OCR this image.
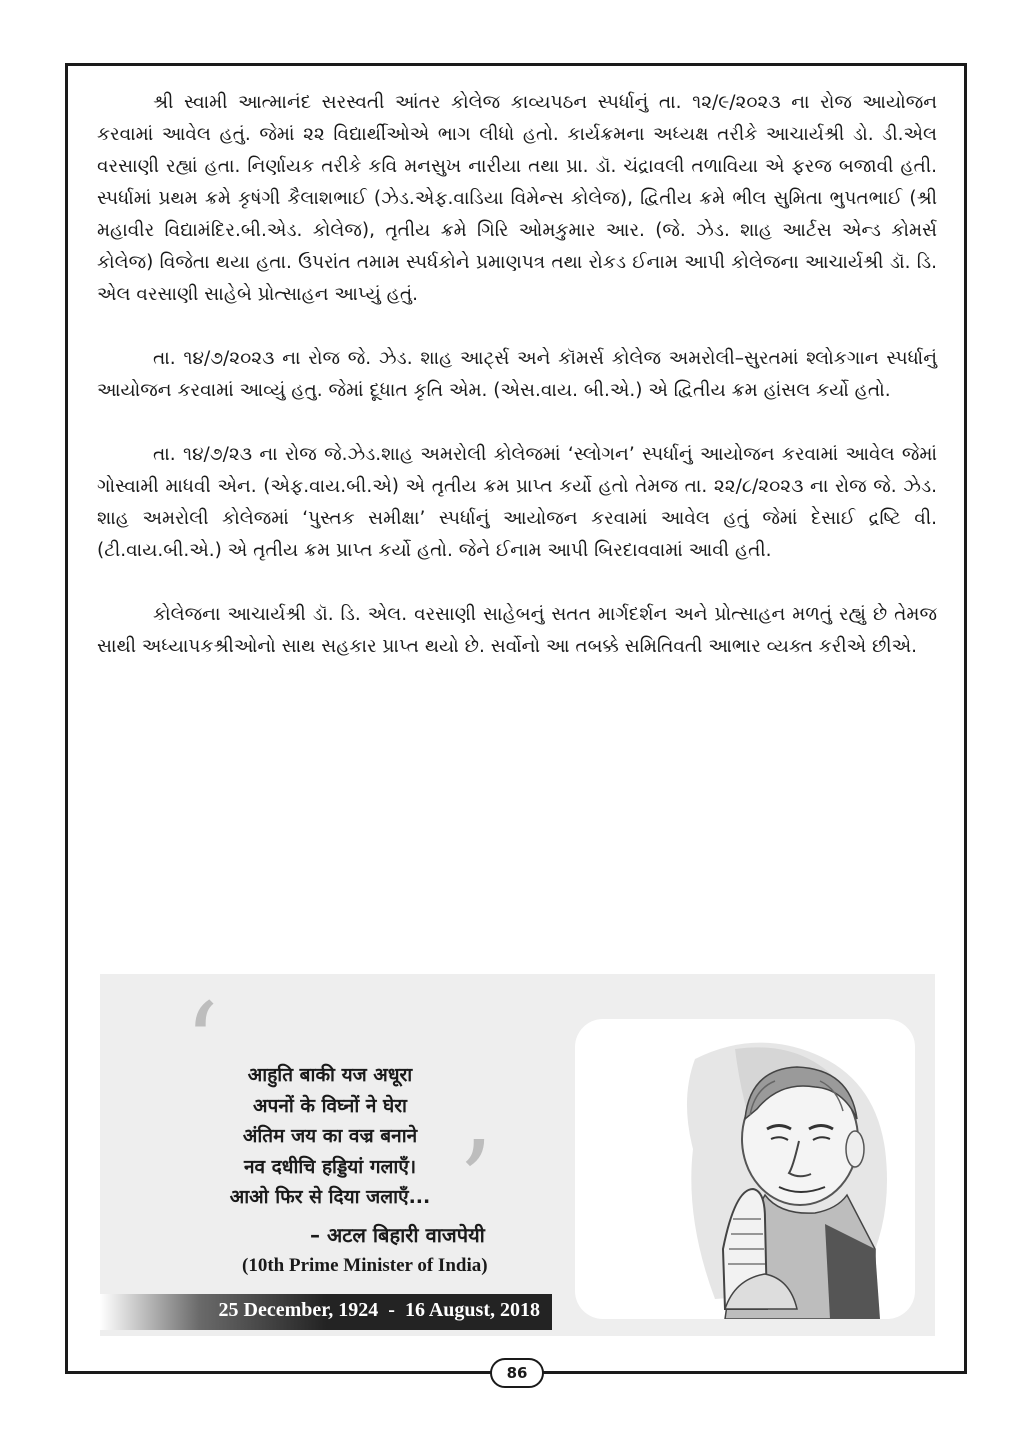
શ્રી સ્વામી આત્માનંદ સરસ્વતી આંતર કોલેજ કાવ્યપઠન સ્પર્ધાનું તા. ૧૨/૯/૨૦૨૩ ના રોજ આયોજન કરવામાં આવેલ હતું. જેમાં ૨૨ વિદ્યાર્થીઓએ ભાગ લીધો હતો. કાર્યક્રમના અધ્યક્ષ તરીકે આચાર્યશ્રી ડો. ડી.એલ વરસાણી રહ્યાં હતા. નિર્ણાયક તરીકે કવિ મનસુખ નારીયા તથા પ્રા. ડૉ. ચંદ્રાવલી તળાવિયા એ ફરજ બજાવી હતી. સ્પર્ધામાં પ્રથમ ક્રમે કૃષંગી કૈલાશભાઈ (ઝેડ.એફ.વાડિયા વિમેન્સ કોલેજ), દ્વિતીય ક્રમે ભીલ સુમિતા ભુપતભાઈ (શ્રી મહાવીર વિદ્યામંદિર.બી.એડ. કોલેજ), તૃતીય ક્રમે ગિરિ ઓમકુમાર આર. (જે. ઝેડ. શાહ આર્ટસ એન્ડ કોમર્સ કોલેજ) વિજેતા થયા હતા. ઉપરાંત તમામ સ્પર્ધકોને પ્રમાણપત્ર તથા રોકડ ઈનામ આપી કોલેજના આચાર્યશ્રી ડૉ. ડિ. એલ વરસાણી સાહેબે પ્રોત્સાહન આપ્યું હતું.

તા. ૧૪/૭/૨૦૨૩ ના રોજ જે. ઝેડ. શાહ આર્ટ્સ અને કૉમર્સ કોલેજ અમરોલી–સુરતમાં શ્લોકગાન સ્પર્ધાનું આયોજન કરવામાં આવ્યું હતુ. જેમાં દૂધાત કૃતિ એમ. (એસ.વાય. બી.એ.) એ દ્વિતીય ક્રમ હાંસલ કર્યો હતો.

તા. ૧૪/૭/૨૩ ના રોજ જે.ઝેડ.શાહ અમરોલી કોલેજમાં ‘સ્લોગન’ સ્પર્ધાનું આયોજન કરવામાં આવેલ જેમાં ગોસ્વામી માધવી એન. (એફ.વાય.બી.એ) એ તૃતીય ક્રમ પ્રાપ્ત કર્યો હતો તેમજ તા. ૨૨/૮/૨૦૨૩ ના રોજ જે. ઝેડ. શાહ અમરોલી કોલેજમાં ‘પુસ્તક સમીક્ષા’ સ્પર્ધાનું આયોજન કરવામાં આવેલ હતું જેમાં દેસાઈ દ્રષ્ટિ વી. (ટી.વાય.બી.એ.) એ તૃતીય ક્રમ પ્રાપ્ત કર્યો હતો. જેને ઈનામ આપી બિરદાવવામાં આવી હતી.

કોલેજના આચાર્યશ્રી ડૉ. ડિ. એલ. વરસાણી સાહેબનું સતત માર્ગદર્શન અને પ્રોત્સાહન મળતું રહ્યું છે તેમજ સાથી અધ્યાપકશ્રીઓનો સાથ સહકાર પ્રાપ્ત થયો છે. સર્વોનો આ તબક્કે સમિતિવતી આભાર વ્યક્ત કરીએ છીએ.

‘	आहुति बाकी यज अधूरा
अपनों के विघ्नों ने घेरा
अंतिम जय का वज्र बनाने
नव दधीचि हड्डियां गलाएँ।
आओ फिर से दिया जलाएँ... ’
– अटल बिहारी वाजपेयी
(10th Prime Minister of India)
25 December, 1924  -  16 August, 2018
86
